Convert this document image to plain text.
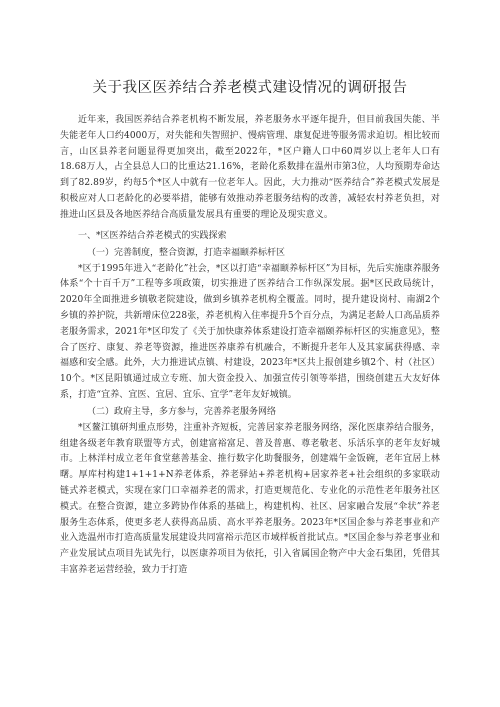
关于我区医养结合养老模式建设情况的调研报告

近年来，我国医养结合养老机构不断发展，养老服务水平逐年提升，但目前我国失能、半失能老年人口约4000万，对失能和失智照护、慢病管理、康复促进等服务需求迫切。相比较而言，山区县养老问题显得更加突出，截至2022年，*区户籍人口中60周岁以上老年人口有18.68万人，占全县总人口的比重达21.16%，老龄化系数排在温州市第3位，人均预期寿命达到了82.89岁，约每5个*区人中就有一位老年人。因此，大力推动“医养结合”养老模式发展是积极应对人口老龄化的必要举措，能够有效推动养老服务结构的改善，减轻农村养老负担，对推进山区县及各地医养结合高质量发展具有重要的理论及现实意义。

一、*区医养结合养老模式的实践探索

（一）完善制度，整合资源，打造幸福颐养标杆区

*区于1995年进入“老龄化”社会，*区以打造“幸福颐养标杆区”为目标，先后实施康养服务体系“个十百千万”工程等多项政策，切实推进了医养结合工作纵深发展。据*区民政局统计，2020年全面推进乡镇敬老院建设，做到乡镇养老机构全覆盖。同时，提升建设岗村、南湖2个乡镇的养护院，共新增床位228张，养老机构入住率提升5个百分点，为满足老龄人口高品质养老服务需求，2021年*区印发了《关于加快康养体系建设打造幸福颐养标杆区的实施意见》，整合了医疗、康复、养老等资源，推进医养康养有机融合，不断提升老年人及其家属获得感、幸福感和安全感。此外，大力推进试点镇、村建设，2023年*区共上报创建乡镇2个、村（社区）10个。*区昆阳镇通过成立专班、加大资金投入、加强宣传引领等举措，围绕创建五大友好体系，打造“宜养、宜医、宜居、宜乐、宜学”老年友好城镇。

（二）政府主导，多方参与，完善养老服务网络

*区鳌江镇研判重点形势，注重补齐短板，完善居家养老服务网络，深化医康养结合服务，组建各级老年教育联盟等方式，创建富裕富足、普及普惠、尊老敬老、乐活乐享的老年友好城市。上林洋村成立老年食堂慈善基金、推行数字化助餐服务，创建端午金饭碗，老年宜居上林曙。厚库村构建1+1+1+N养老体系，养老驿站+养老机构+居家养老+社会组织的多家联动链式养老模式，实现在家门口幸福养老的需求，打造更规范化、专业化的示范性老年服务社区模式。在整合资源，建立多跨协作体系的基础上，构建机构、社区、居家融合发展“伞状”养老服务生态体系，使更多老人获得高品质、高水平养老服务。2023年*区国企参与养老事业和产业入选温州市打造高质量发展建设共同富裕示范区市域样板首批试点。*区国企参与养老事业和产业发展试点项目先试先行，以医康养项目为依托，引入省属国企物产中大金石集团，凭借其丰富养老运营经验，致力于打造
